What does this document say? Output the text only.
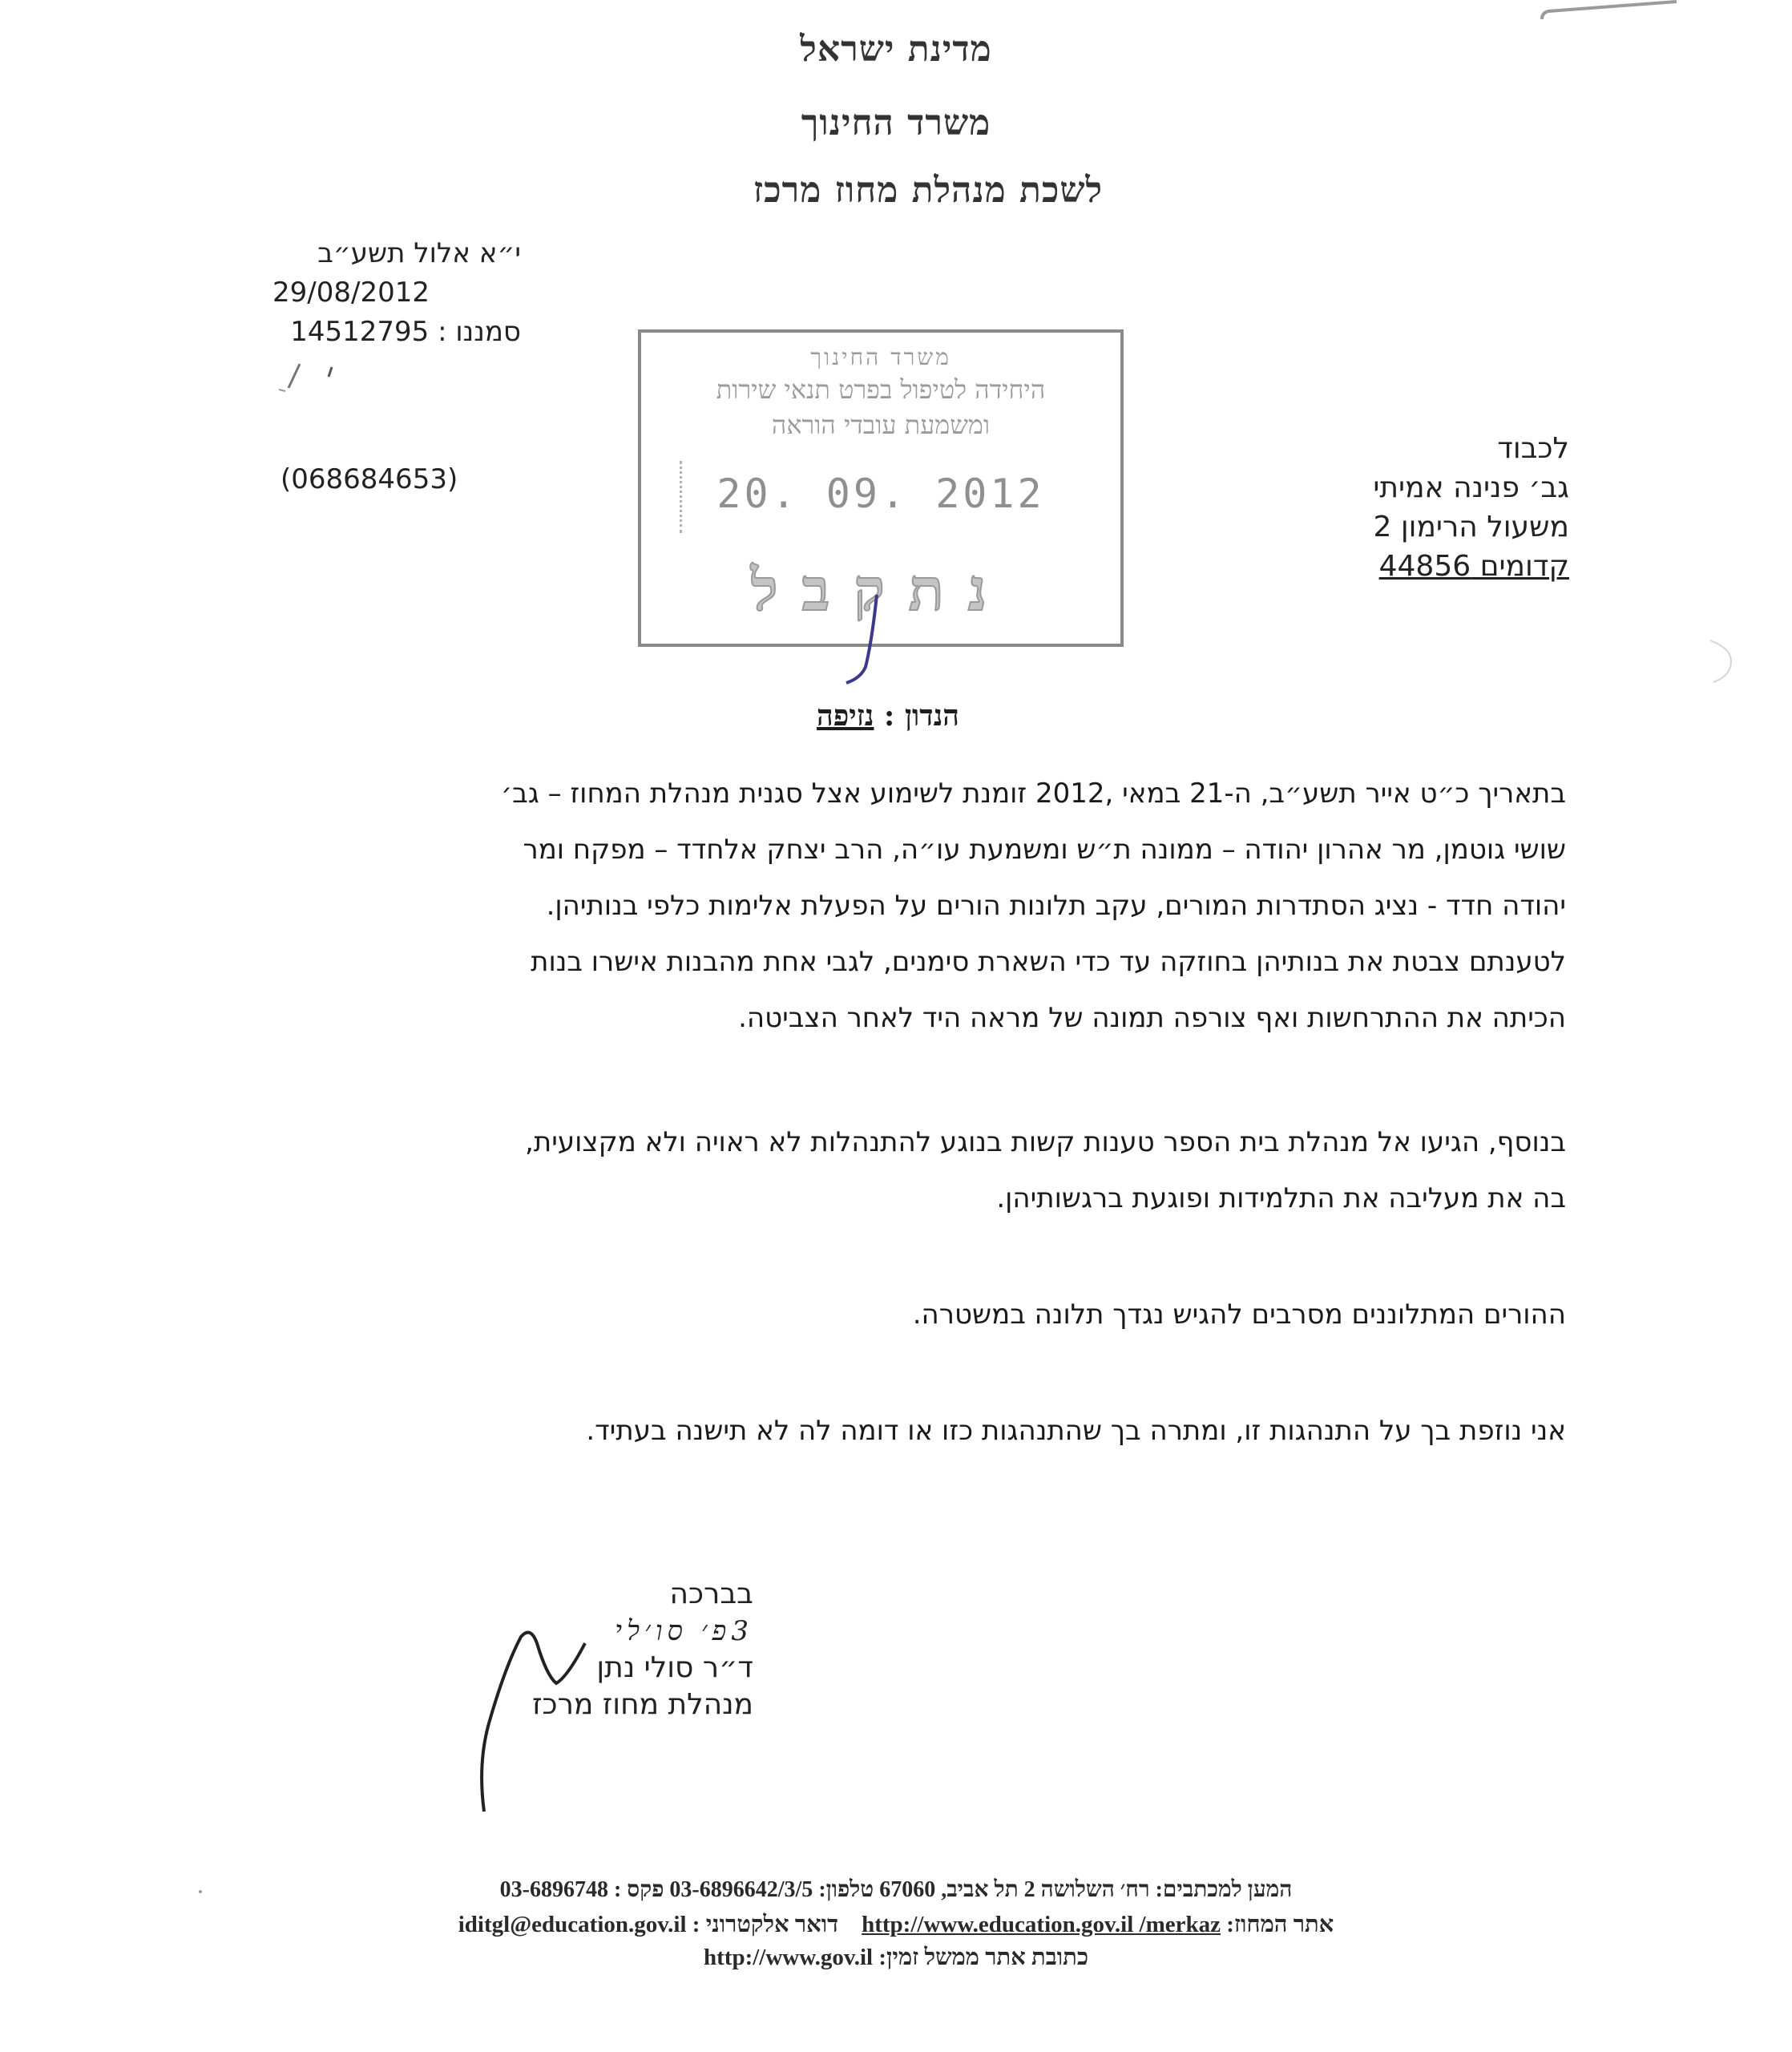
מדינת ישראל
משרד החינוך
לשכת מנהלת מחוז מרכז
י״א אלול תשע״ב
29/08/2012
סמננו : 14512795
(068684653)
משרד החינוך
היחידה לטיפול בפרט תנאי שירות
ומשמעת עובדי הוראה
20. 09. 2012
נתקבל
לכבוד
גב׳ פנינה אמיתי
משעול הרימון 2
קדומים 44856
הנדון : נזיפה
בתאריך כ״ט אייר תשע״ב, ה-21 במאי ,2012 זומנת לשימוע אצל סגנית מנהלת המחוז – גב׳
שושי גוטמן, מר אהרון יהודה – ממונה ת״ש ומשמעת עו״ה, הרב יצחק אלחדד – מפקח ומר
יהודה חדד - נציג הסתדרות המורים, עקב תלונות הורים על הפעלת אלימות כלפי בנותיהן.
לטענתם צבטת את בנותיהן בחוזקה עד כדי השארת סימנים, לגבי אחת מהבנות אישרו בנות
הכיתה את ההתרחשות ואף צורפה תמונה של מראה היד לאחר הצביטה.
בנוסף, הגיעו אל מנהלת בית הספר טענות קשות בנוגע להתנהלות לא ראויה ולא מקצועית,
בה את מעליבה את התלמידות ופוגעת ברגשותיהן.
ההורים המתלוננים מסרבים להגיש נגדך תלונה במשטרה.
אני נוזפת בך על התנהגות זו, ומתרה בך שהתנהגות כזו או דומה לה לא תישנה בעתיד.
בברכה
3פ׳ סו׳לי
ד״ר סולי נתן
מנהלת מחוז מרכז
המען למכתבים: רח׳ השלושה 2 תל אביב, 67060 טלפון: 03-6896642/3/5 פקס : 03-6896748
אתר המחוז: http://www.education.gov.il /merkaz    דואר אלקטרוני : iditgl@education.gov.il
כתובת אתר ממשל זמין: http://www.gov.il
